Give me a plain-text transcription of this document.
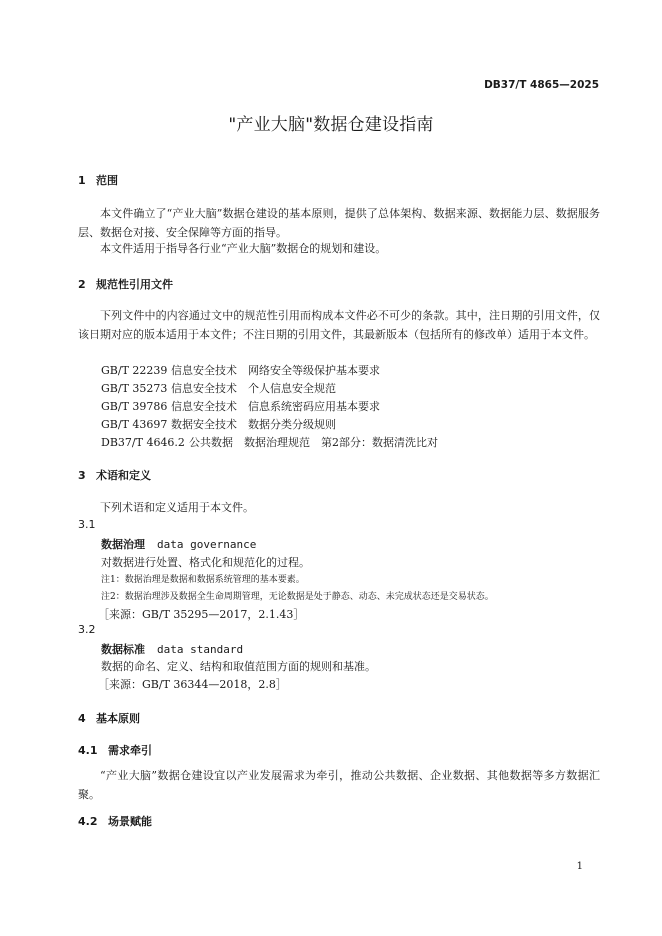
DB37/T 4865—2025
"产业大脑"数据仓建设指南
1 范围
本文件确立了“产业大脑”数据仓建设的基本原则，提供了总体架构、数据来源、数据能力层、数据服务层、数据仓对接、安全保障等方面的指导。
本文件适用于指导各行业“产业大脑”数据仓的规划和建设。
2 规范性引用文件
下列文件中的内容通过文中的规范性引用而构成本文件必不可少的条款。其中，注日期的引用文件，仅该日期对应的版本适用于本文件；不注日期的引用文件，其最新版本（包括所有的修改单）适用于本文件。
GB/T 22239 信息安全技术　网络安全等级保护基本要求
GB/T 35273 信息安全技术　个人信息安全规范
GB/T 39786 信息安全技术　信息系统密码应用基本要求
GB/T 43697 数据安全技术　数据分类分级规则
DB37/T 4646.2 公共数据　数据治理规范　第2部分：数据清洗比对
3 术语和定义
下列术语和定义适用于本文件。
3.1
数据治理 data governance
对数据进行处置、格式化和规范化的过程。
注1：数据治理是数据和数据系统管理的基本要素。
注2：数据治理涉及数据全生命周期管理，无论数据是处于静态、动态、未完成状态还是交易状态。
［来源：GB/T 35295—2017，2.1.43］
3.2
数据标准 data standard
数据的命名、定义、结构和取值范围方面的规则和基准。
［来源：GB/T 36344—2018，2.8］
4 基本原则
4.1 需求牵引
“产业大脑”数据仓建设宜以产业发展需求为牵引，推动公共数据、企业数据、其他数据等多方数据汇聚。
4.2 场景赋能
1
